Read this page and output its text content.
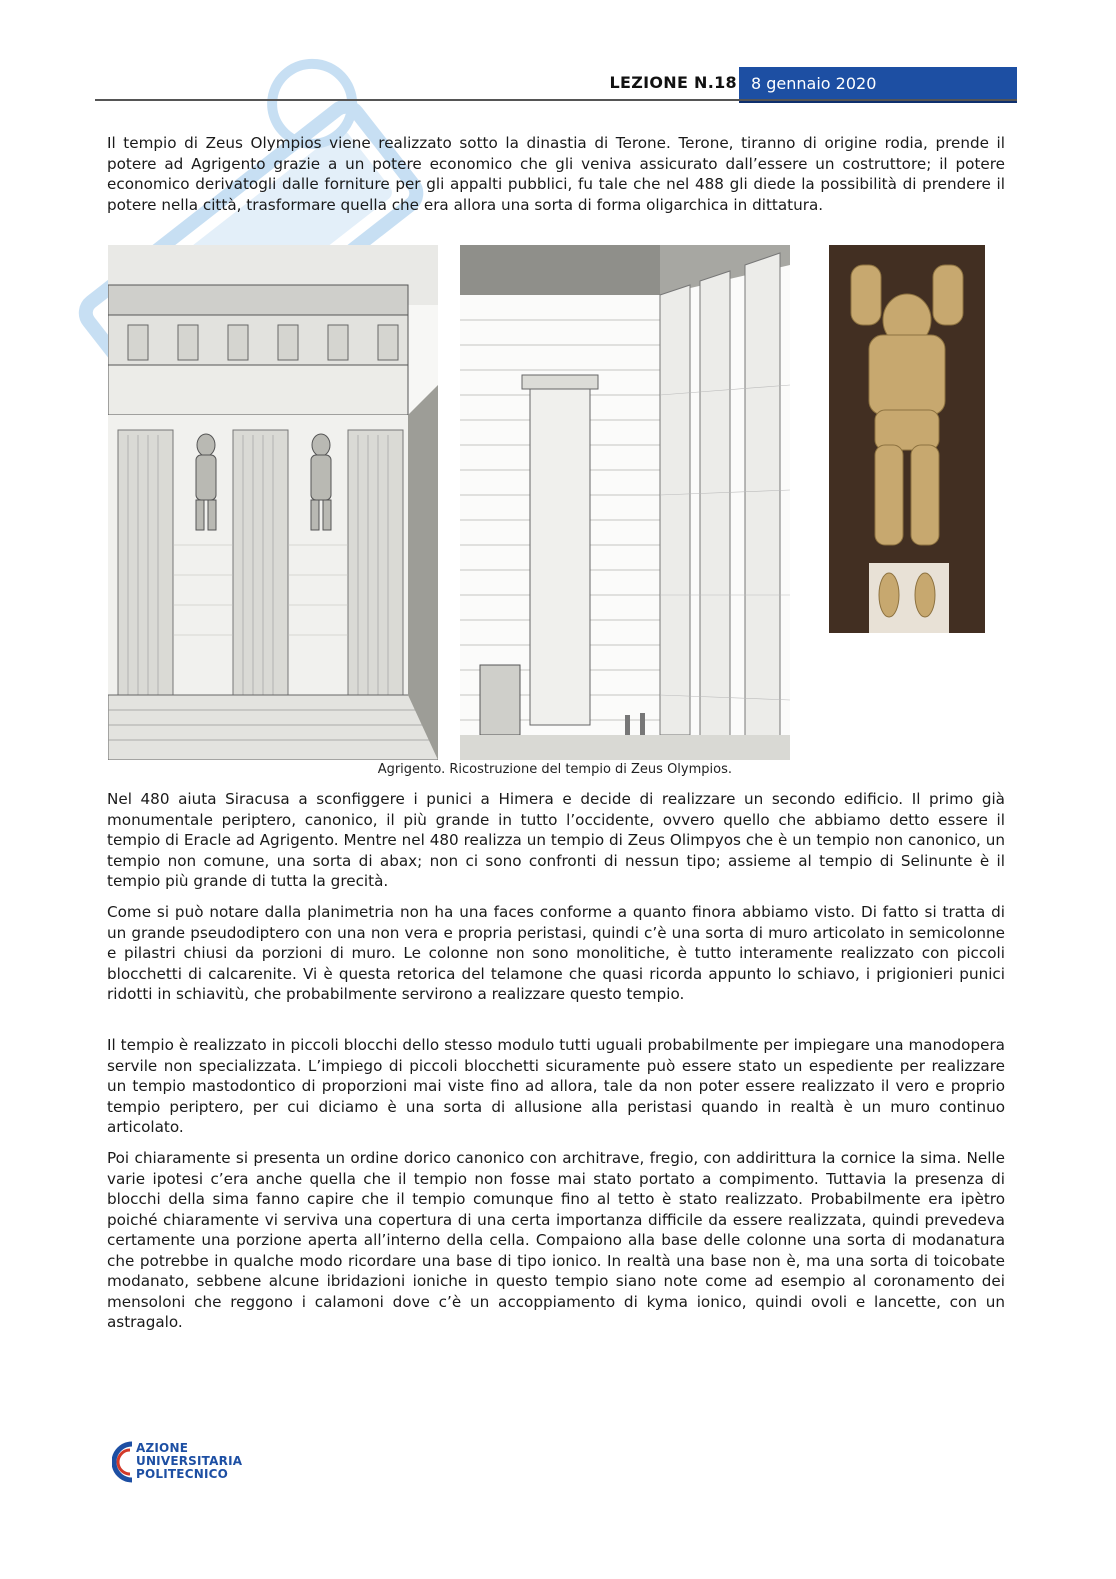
LEZIONE N.18 8 gennaio 2020

Il tempio di Zeus Olympios viene realizzato sotto la dinastia di Terone. Terone, tiranno di origine rodia, prende il potere ad Agrigento grazie a un potere economico che gli veniva assicurato dall’essere un costruttore; il potere economico derivatogli dalle forniture per gli appalti pubblici, fu tale che nel 488 gli diede la possibilità di prendere il potere nella città, trasformare quella che era allora una sorta di forma oligarchica in dittatura.

Agrigento. Ricostruzione del tempio di Zeus Olympios.

Nel 480 aiuta Siracusa a sconfiggere i punici a Himera e decide di realizzare un secondo edificio. Il primo già monumentale periptero, canonico, il più grande in tutto l’occidente, ovvero quello che abbiamo detto essere il tempio di Eracle ad Agrigento. Mentre nel 480 realizza un tempio di Zeus Olimpyos che è un tempio non canonico, un tempio non comune, una sorta di abax; non ci sono confronti di nessun tipo; assieme al tempio di Selinunte è il tempio più grande di tutta la grecità.

Come si può notare dalla planimetria non ha una faces conforme a quanto finora abbiamo visto. Di fatto si tratta di un grande pseudodiptero con una non vera e propria peristasi, quindi c’è una sorta di muro articolato in semicolonne e pilastri chiusi da porzioni di muro. Le colonne non sono monolitiche, è tutto interamente realizzato con piccoli blocchetti di calcarenite. Vi è questa retorica del telamone che quasi ricorda appunto lo schiavo, i prigionieri punici ridotti in schiavitù, che probabilmente servirono a realizzare questo tempio.

Il tempio è realizzato in piccoli blocchi dello stesso modulo tutti uguali probabilmente per impiegare una manodopera servile non specializzata. L’impiego di piccoli blocchetti sicuramente può essere stato un espediente per realizzare un tempio mastodontico di proporzioni mai viste fino ad allora, tale da non poter essere realizzato il vero e proprio tempio periptero, per cui diciamo è una sorta di allusione alla peristasi quando in realtà è un muro continuo articolato.

Poi chiaramente si presenta un ordine dorico canonico con architrave, fregio, con addirittura la cornice la sima. Nelle varie ipotesi c’era anche quella che il tempio non fosse mai stato portato a compimento. Tuttavia la presenza di blocchi della sima fanno capire che il tempio comunque fino al tetto è stato realizzato. Probabilmente era ipètro poiché chiaramente vi serviva una copertura di una certa importanza difficile da essere realizzata, quindi prevedeva certamente una porzione aperta all’interno della cella. Compaiono alla base delle colonne una sorta di modanatura che potrebbe in qualche modo ricordare una base di tipo ionico. In realtà una base non è, ma una sorta di toicobate modanato, sebbene alcune ibridazioni ioniche in questo tempio siano note come ad esempio al coronamento dei mensoloni che reggono i calamoni dove c’è un accoppiamento di kyma ionico, quindi ovoli e lancette, con un astragalo.

AZIONE
UNIVERSITARIA
POLITECNICO
